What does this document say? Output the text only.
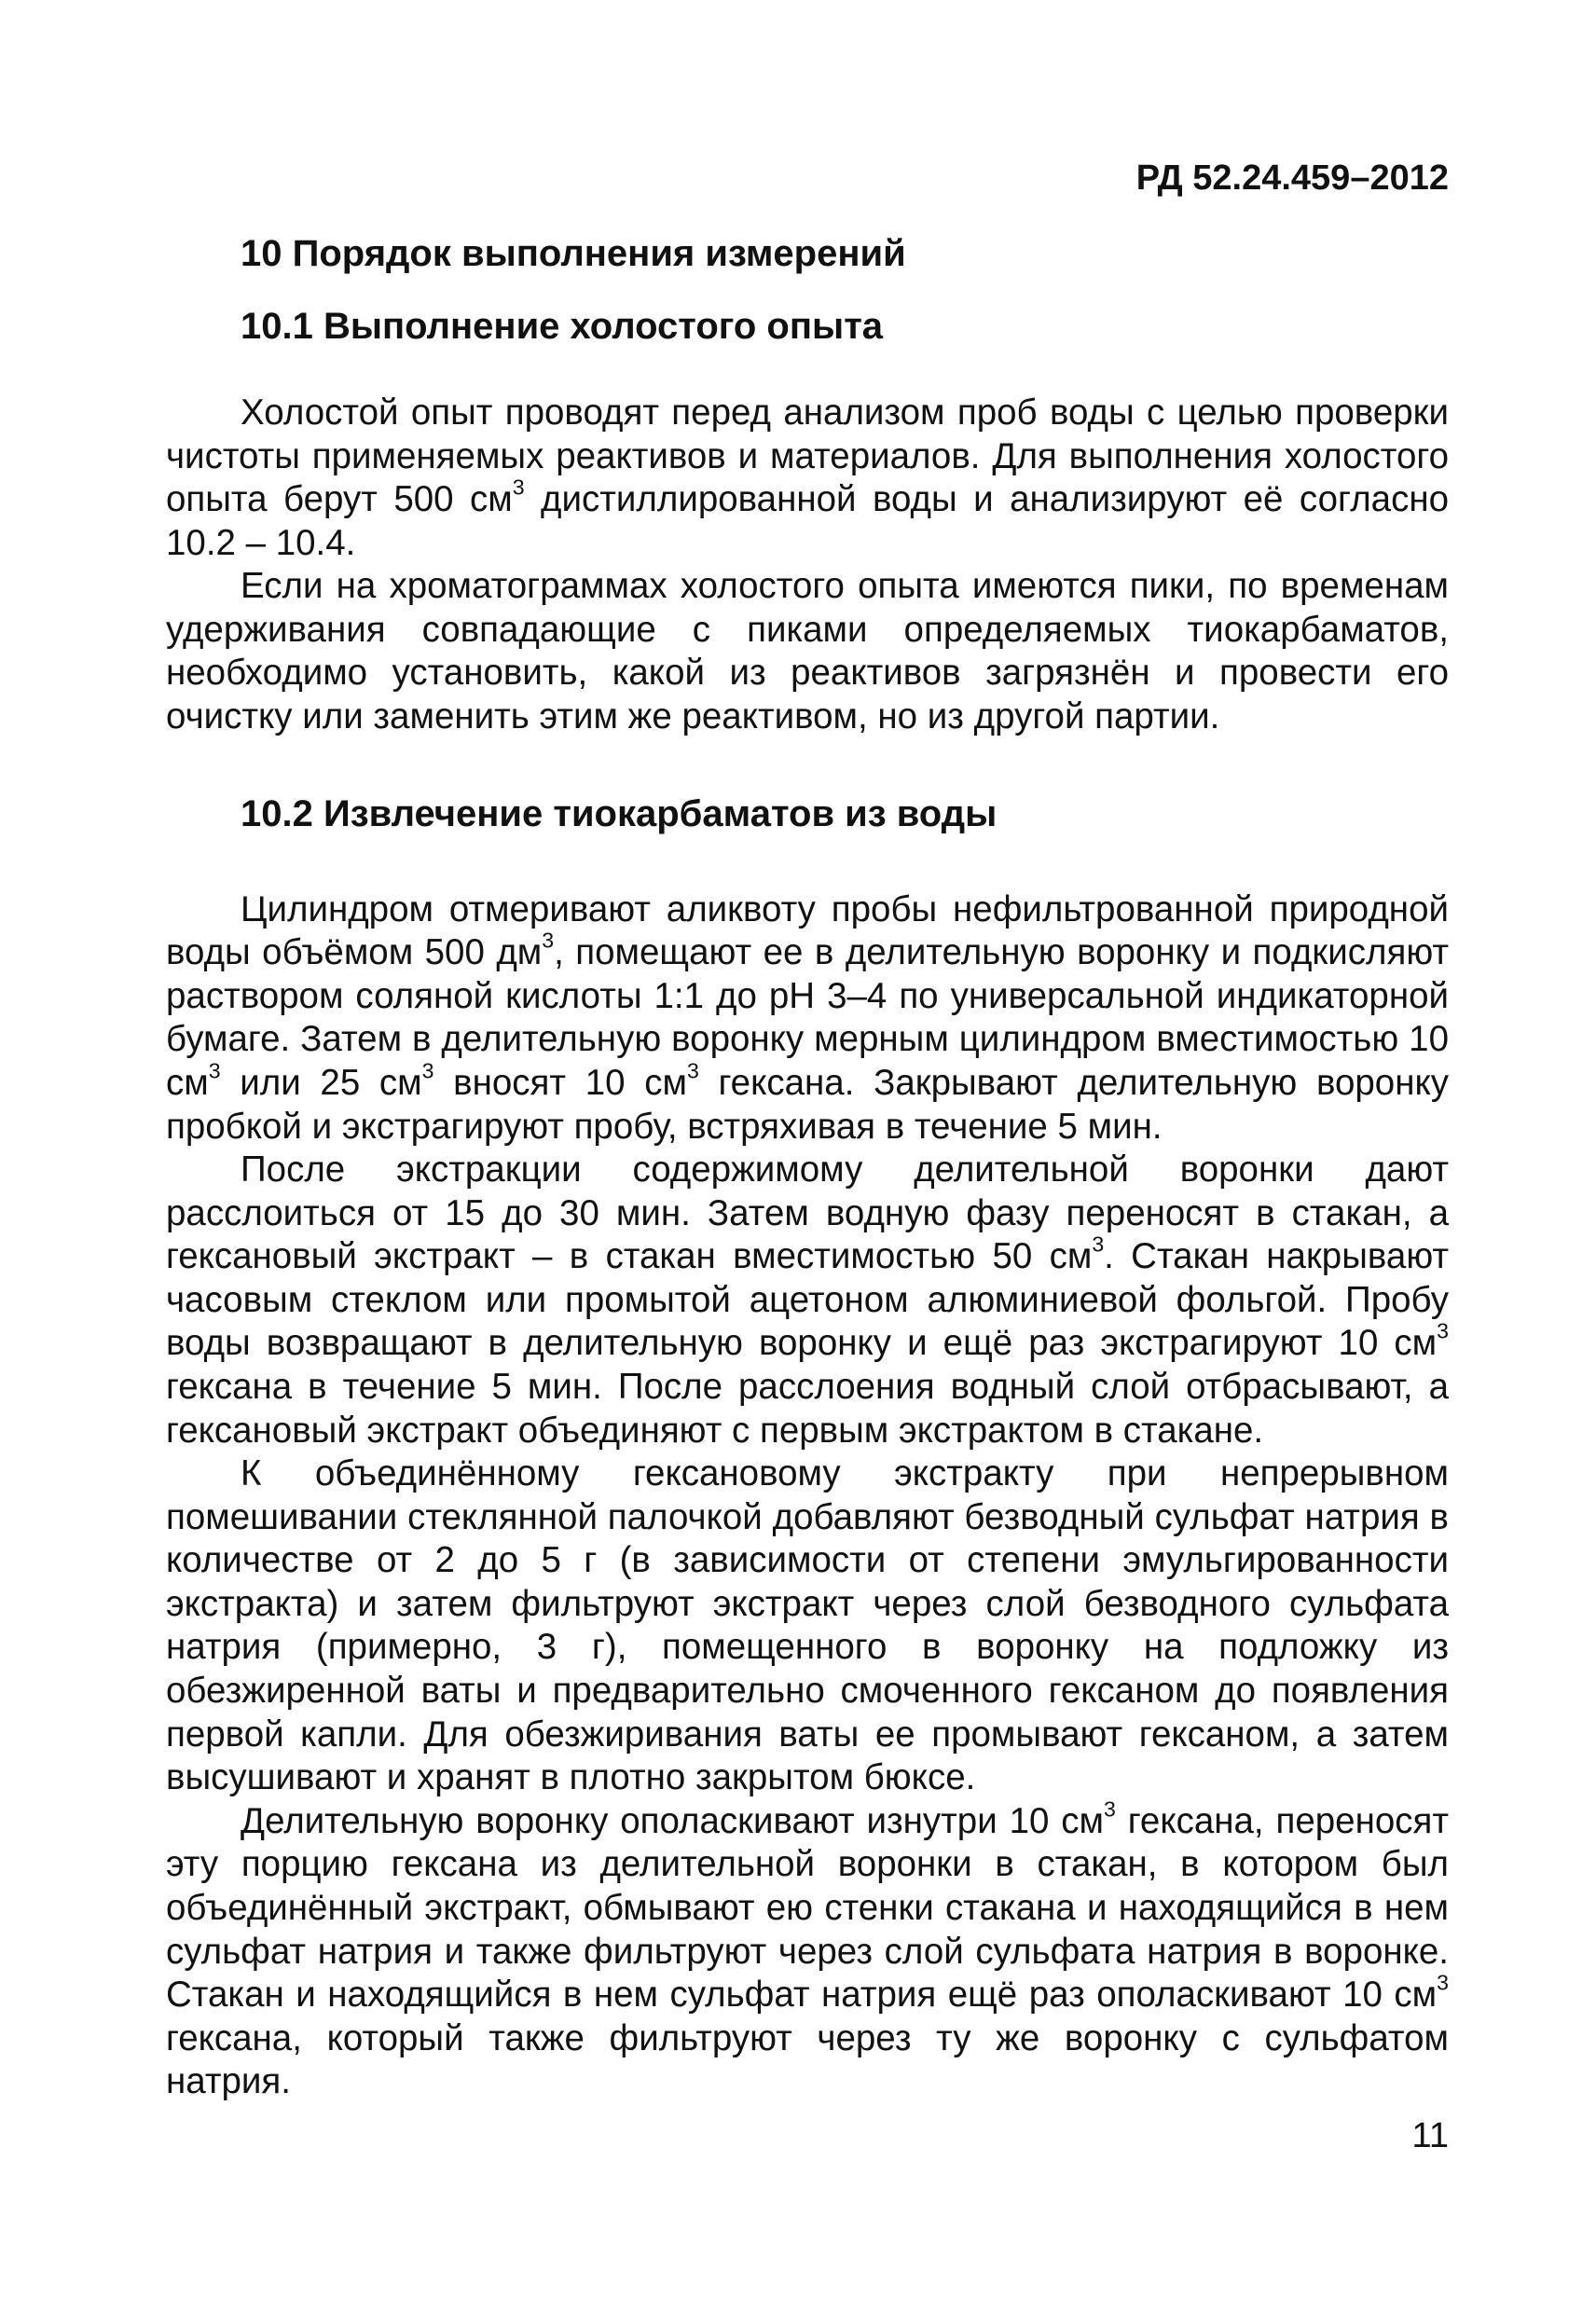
РД 52.24.459–2012

10 Порядок выполнения измерений
10.1 Выполнение холостого опыта

Холостой опыт проводят перед анализом проб воды с целью проверки чистоты применяемых реактивов и материалов. Для выполнения холостого опыта берут 500 $см^3$ дистиллированной воды и анализируют её согласно 10.2 – 10.4.

Если на хроматограммах холостого опыта имеются пики, по временам удерживания совпадающие с пиками определяемых тиокарбаматов, необходимо установить, какой из реактивов загрязнён и провести его очистку или заменить этим же реактивом, но из другой партии.

10.2 Извлечение тиокарбаматов из воды

Цилиндром отмеривают аликвоту пробы нефильтрованной природной воды объёмом 500 $дм^3$, помещают ее в делительную воронку и подкисляют раствором соляной кислоты 1:1 до рН 3–4 по универсальной индикаторной бумаге. Затем в делительную воронку мерным цилиндром вместимостью 10 $см^3$ или 25 $см^3$ вносят 10 $см^3$ гексана. Закрывают делительную воронку пробкой и экстрагируют пробу, встряхивая в течение 5 мин.

После экстракции содержимому делительной воронки дают расслоиться от 15 до 30 мин. Затем водную фазу переносят в стакан, а гексановый экстракт – в стакан вместимостью 50 $см^3$. Стакан накрывают часовым стеклом или промытой ацетоном алюминиевой фольгой. Пробу воды возвращают в делительную воронку и ещё раз экстрагируют 10 $см^3$ гексана в течение 5 мин. После расслоения водный слой отбрасывают, а гексановый экстракт объединяют с первым экстрактом в стакане.

К объединённому гексановому экстракту при непрерывном помешивании стеклянной палочкой добавляют безводный сульфат натрия в количестве от 2 до 5 г (в зависимости от степени эмульгированности экстракта) и затем фильтруют экстракт через слой безводного сульфата натрия (примерно, 3 г), помещенного в воронку на подложку из обезжиренной ваты и предварительно смоченного гексаном до появления первой капли. Для обезжиривания ваты ее промывают гексаном, а затем высушивают и хранят в плотно закрытом бюксе.

Делительную воронку ополаскивают изнутри 10 $см^3$ гексана, переносят эту порцию гексана из делительной воронки в стакан, в котором был объединённый экстракт, обмывают ею стенки стакана и находящийся в нем сульфат натрия и также фильтруют через слой сульфата натрия в воронке. Стакан и находящийся в нем сульфат натрия ещё раз ополаскивают 10 $см^3$ гексана, который также фильтруют через ту же воронку с сульфатом натрия.

11
